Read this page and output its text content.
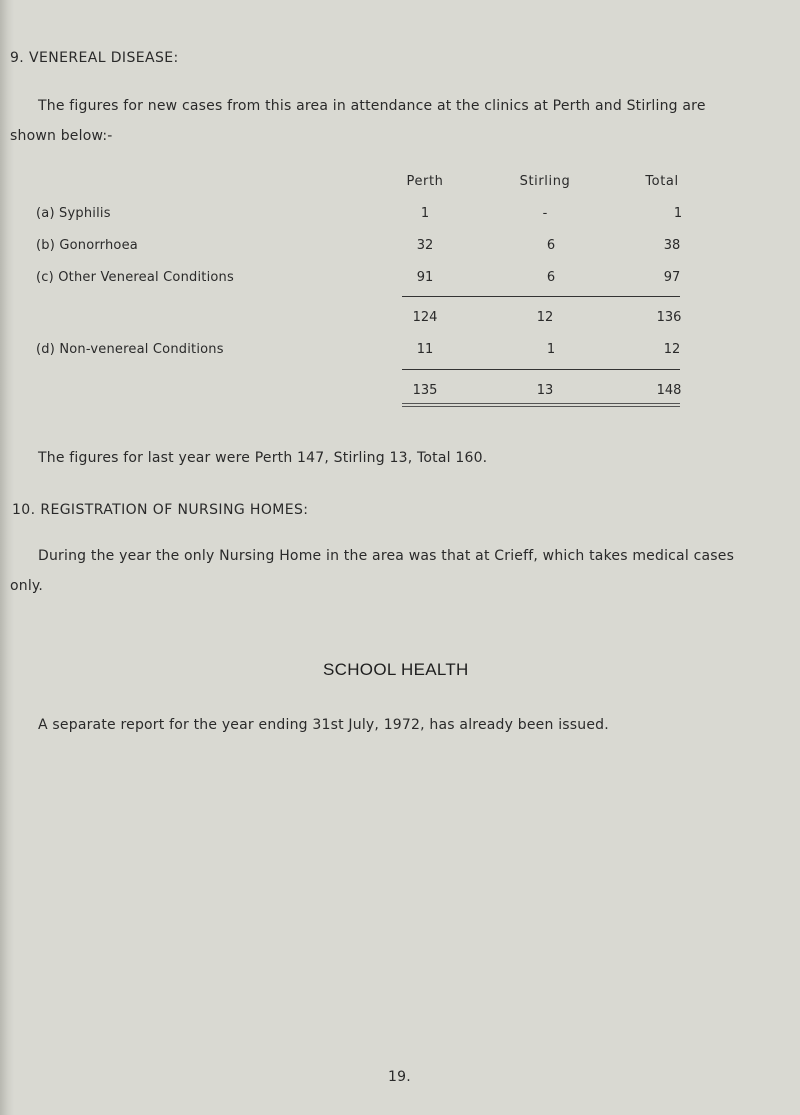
9. VENEREAL DISEASE:
The figures for new cases from this area in attendance at the clinics at Perth and Stirling are
shown below:-
Perth	Stirling	Total
(a) Syphilis	1	-	1
(b) Gonorrhoea	32	6	38
(c) Other Venereal Conditions	91	6	97
124	12	136
(d) Non-venereal Conditions	11	1	12
135	13	148
The figures for last year were Perth 147, Stirling 13, Total 160.
10. REGISTRATION OF NURSING HOMES:
During the year the only Nursing Home in the area was that at Crieff, which takes medical cases
only.
SCHOOL HEALTH
A separate report for the year ending 31st July, 1972, has already been issued.
19.
